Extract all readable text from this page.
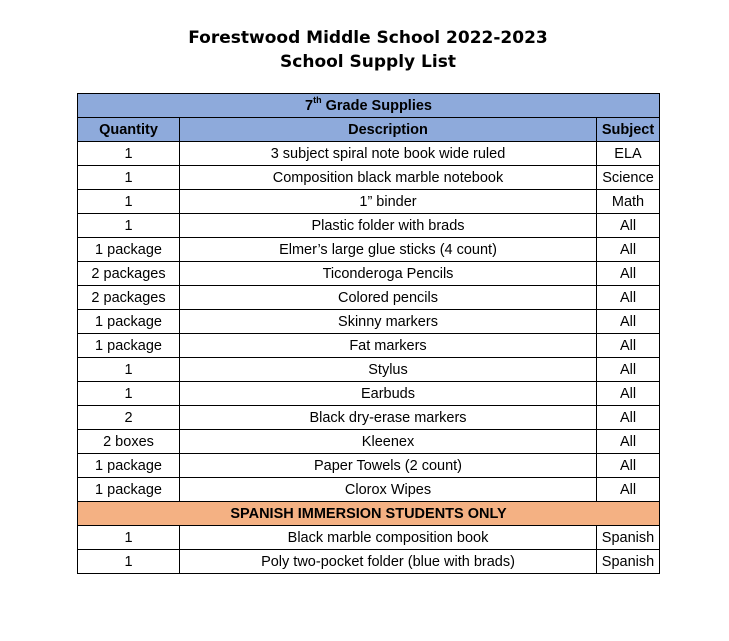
Forestwood Middle School 2022-2023
School Supply List
7th Grade Supplies		
Quantity	Description	Subject
1	3 subject spiral note book wide ruled	ELA
1	Composition black marble notebook	Science
1	1” binder	Math
1	Plastic folder with brads	All
1 package	Elmer’s large glue sticks (4 count)	All
2 packages	Ticonderoga Pencils	All
2 packages	Colored pencils	All
1 package	Skinny markers	All
1 package	Fat markers	All
1	Stylus	All
1	Earbuds	All
2	Black dry-erase markers	All
2 boxes	Kleenex	All
1 package	Paper Towels (2 count)	All
1 package	Clorox Wipes	All
SPANISH IMMERSION STUDENTS ONLY		
1	Black marble composition book	Spanish
1	Poly two-pocket folder (blue with brads)	Spanish
